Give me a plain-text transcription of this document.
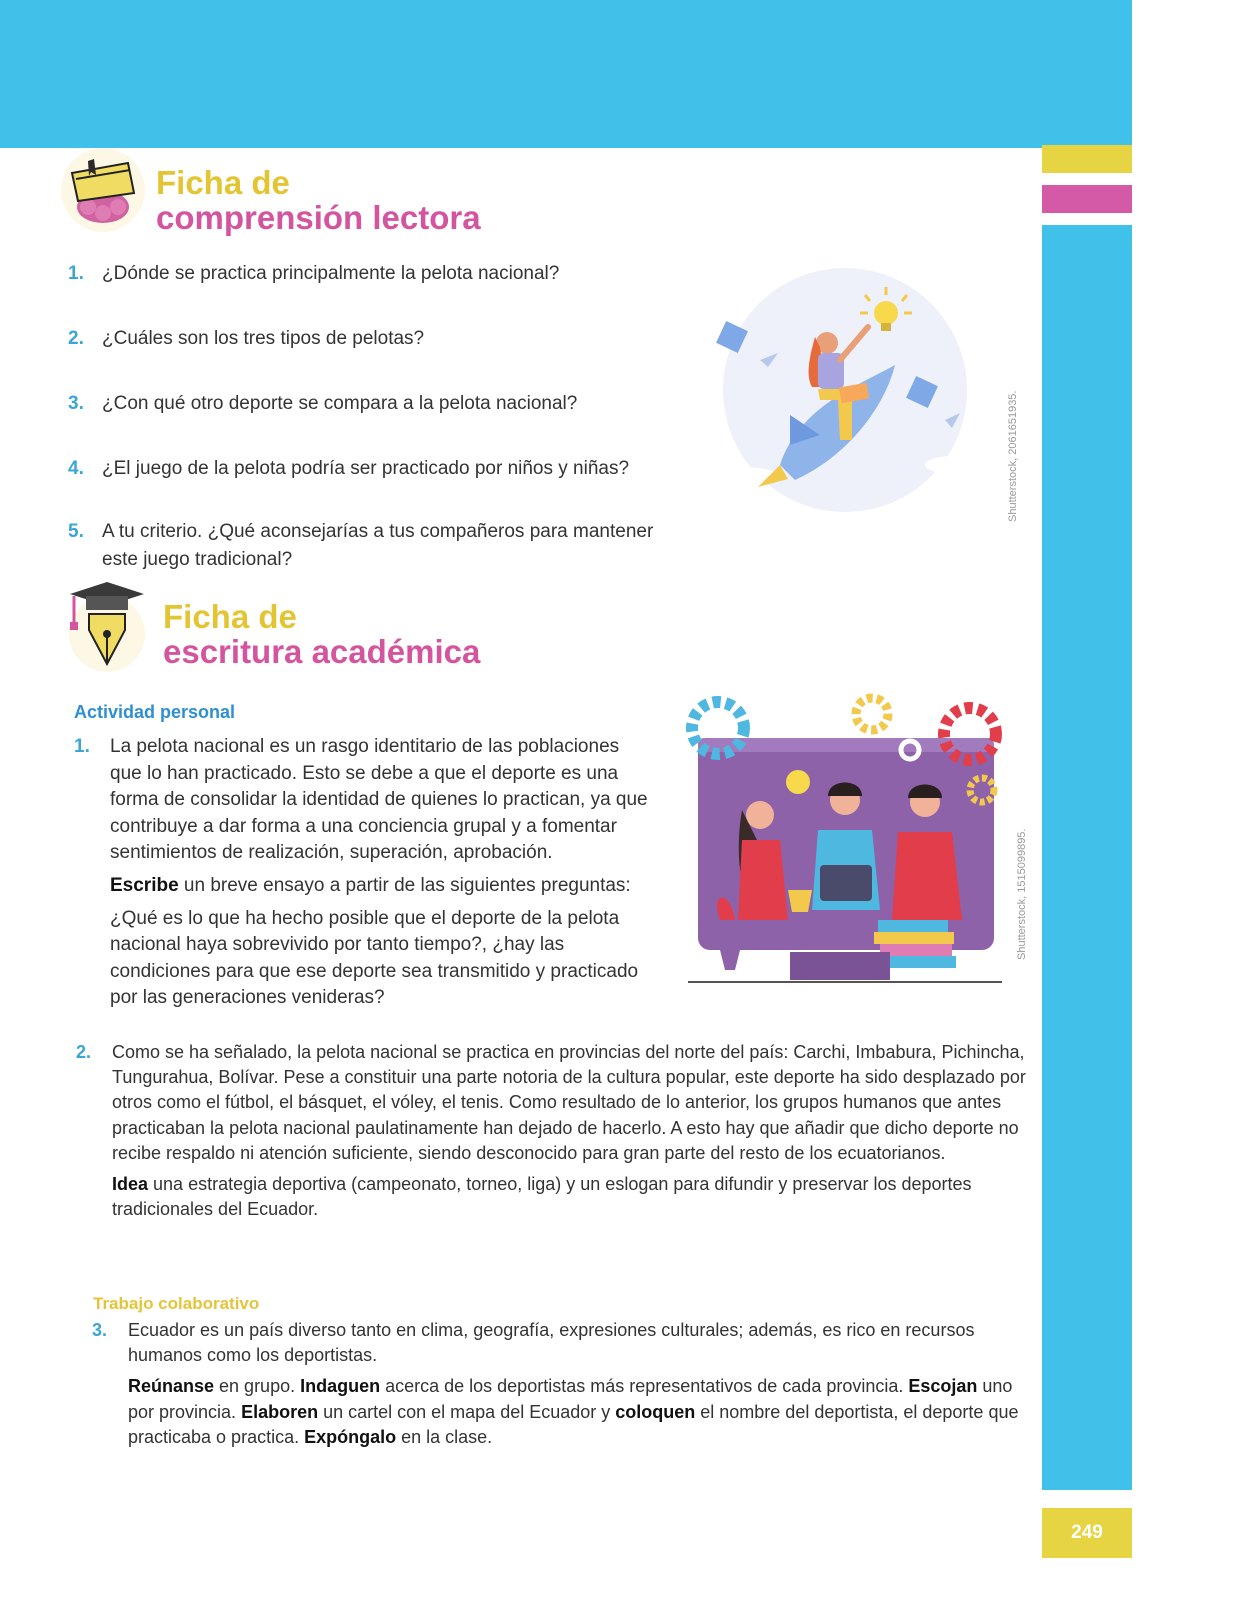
249
Ficha de
comprensión lectora
1. ¿Dónde se practica principalmente la pelota nacional?
2. ¿Cuáles son los tres tipos de pelotas?
3. ¿Con qué otro deporte se compara a la pelota nacional?
4. ¿El juego de la pelota podría ser practicado por niños y niñas?
5. A tu criterio. ¿Qué aconsejarías a tus compañeros para mantener este juego tradicional?
Shutterstock, 2061651935.
Ficha de
escritura académica
Actividad personal
1. La pelota nacional es un rasgo identitario de las poblaciones que lo han practicado. Esto se debe a que el deporte es una forma de consolidar la identidad de quienes lo practican, ya que contribuye a dar forma a una conciencia grupal y a fomentar sentimientos de realización, superación, aprobación.

Escribe un breve ensayo a partir de las siguientes preguntas:

¿Qué es lo que ha hecho posible que el deporte de la pelota nacional haya sobrevivido por tanto tiempo?, ¿hay las condiciones para que ese deporte sea transmitido y practicado por las generaciones venideras?

Shutterstock, 1515099895.
2. Como se ha señalado, la pelota nacional se practica en provincias del norte del país: Carchi, Imbabura, Pichincha, Tungurahua, Bolívar. Pese a constituir una parte notoria de la cultura popular, este deporte ha sido desplazado por otros como el fútbol, el básquet, el vóley, el tenis. Como resultado de lo anterior, los grupos humanos que antes practicaban la pelota nacional paulatinamente han dejado de hacerlo. A esto hay que añadir que dicho deporte no recibe respaldo ni atención suficiente, siendo desconocido para gran parte del resto de los ecuatorianos.

Idea una estrategia deportiva (campeonato, torneo, liga) y un eslogan para difundir y preservar los deportes tradicionales del Ecuador.

Trabajo colaborativo
3. Ecuador es un país diverso tanto en clima, geografía, expresiones culturales; además, es rico en recursos humanos como los deportistas.

Reúnanse en grupo. Indaguen acerca de los deportistas más representativos de cada provincia. Escojan uno por provincia. Elaboren un cartel con el mapa del Ecuador y coloquen el nombre del deportista, el deporte que practicaba o practica. Expóngalo en la clase.
